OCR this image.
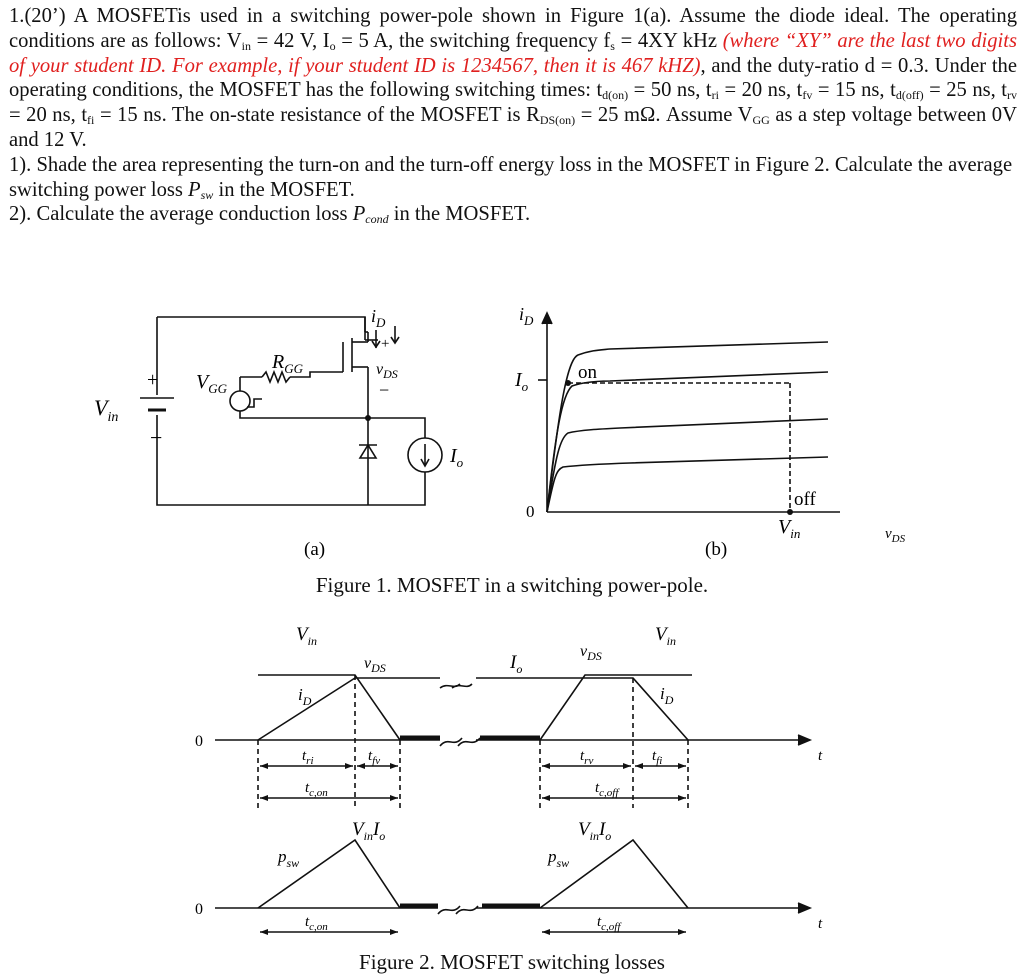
1.(20’) A MOSFETis used in a switching power-pole shown in Figure 1(a). Assume the diode ideal. The operating conditions are as follows: $V_{in} = 42$ V, $I_o = 5$ A, the switching frequency $f_s = 4XY$ kHz (where “XY” are the last two digits of your student ID. For example, if your student ID is 1234567, then it is 467 kHZ), and the duty-ratio d = 0.3. Under the operating conditions, the MOSFET has the following switching times: $t_{d(on)} = 50$ ns, $t_{ri} = 20$ ns, $t_{fv} = 15$ ns, $t_{d(off)} = 25$ ns, $t_{rv} = 20$ ns, $t_{fi} = 15$ ns. The on-state resistance of the MOSFET is $R_{DS(on)} = 25$ mΩ. Assume $V_{GG}$ as a step voltage between 0V and 12 V.

1). Shade the area representing the turn-on and the turn-off energy loss in the MOSFET in Figure 2. Calculate the average switching power loss $P_{sw}$ in the MOSFET.

2). Calculate the average conduction loss $P_{cond}$ in the MOSFET.

+
−
$V_{in}$
$V_{GG}$
$R_{GG}$
$i_D$
+
$v_{DS}$
−
$I_o$
(a)
$i_D$
$I_o$
0
on
off
$V_{in}$	$v_{DS}$
(b)
Figure 1. MOSFET in a switching power-pole.
$V_{in}$	$V_{in}$
$v_{DS}$
$v_{DS}$
$i_D$	$i_D$
$I_o$
0
t
$t_{ri}$	$t_{fv}$	$t_{rv}$	$t_{fi}$
$t_{c,on}$	$t_{c,off}$
$V_{in}I_o$	$V_{in}I_o$
$p_{sw}$	$p_{sw}$
0
t
$t_{c,on}$	$t_{c,off}$
Figure 2. MOSFET switching losses
